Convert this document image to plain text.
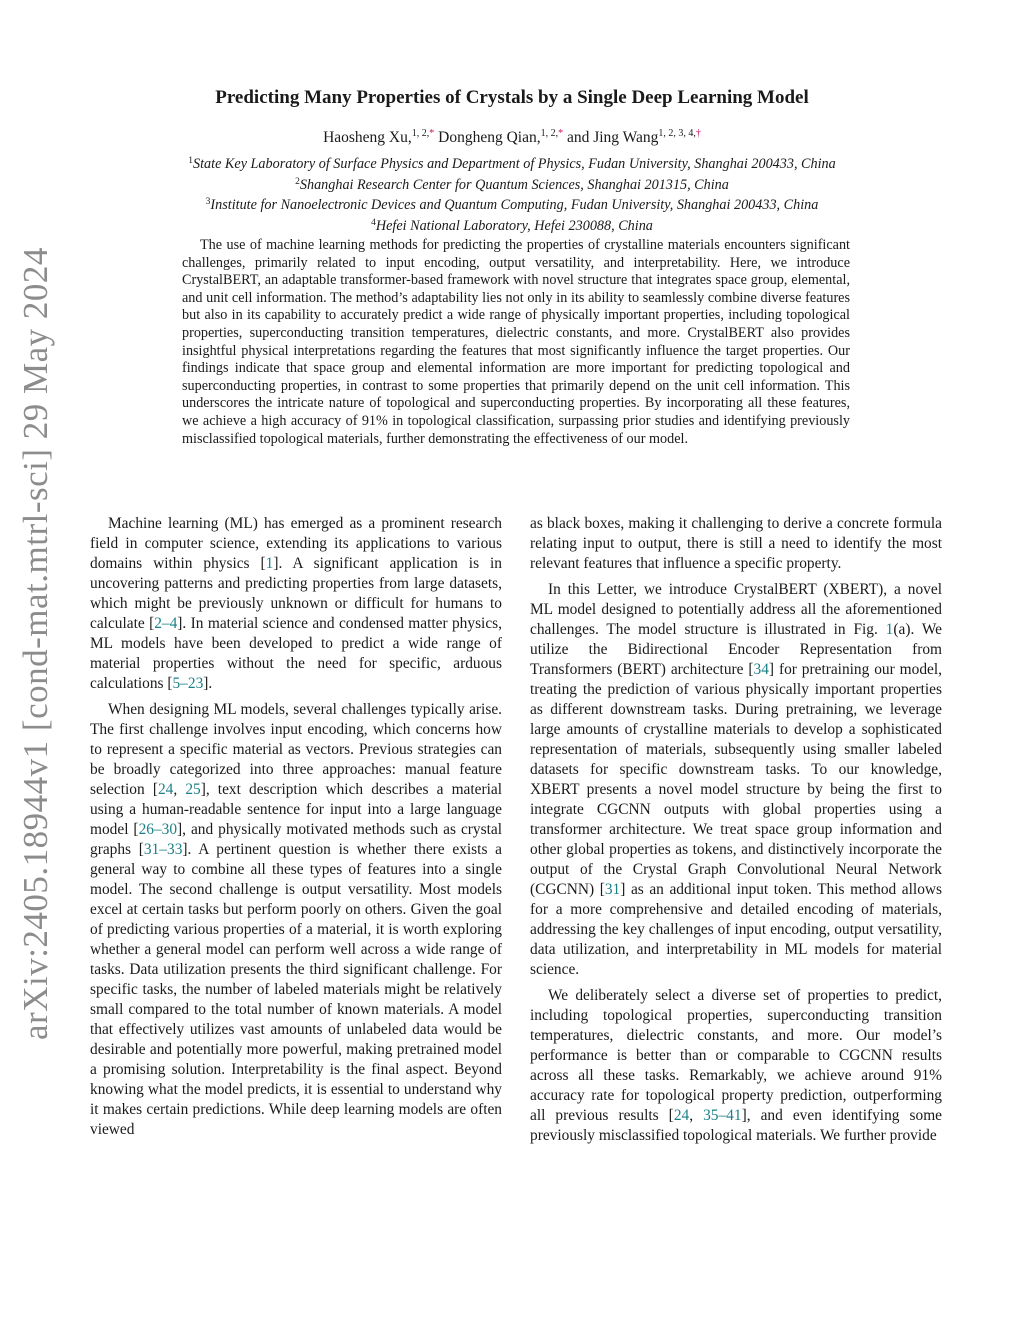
arXiv:2405.18944v1 [cond-mat.mtrl-sci] 29 May 2024
Predicting Many Properties of Crystals by a Single Deep Learning Model
Haosheng Xu,$^{1, 2,*}$ Dongheng Qian,$^{1, 2,*}$ and Jing Wang$^{1, 2, 3, 4,\dagger}$
$^1$State Key Laboratory of Surface Physics and Department of Physics, Fudan University, Shanghai 200433, China
$^2$Shanghai Research Center for Quantum Sciences, Shanghai 201315, China
$^3$Institute for Nanoelectronic Devices and Quantum Computing, Fudan University, Shanghai 200433, China
$^4$Hefei National Laboratory, Hefei 230088, China

The use of machine learning methods for predicting the properties of crystalline materials encounters significant challenges, primarily related to input encoding, output versatility, and interpretability. Here, we introduce CrystalBERT, an adaptable transformer-based framework with novel structure that integrates space group, elemental, and unit cell information. The method’s adaptability lies not only in its ability to seamlessly combine diverse features but also in its capability to accurately predict a wide range of physically important properties, including topological properties, superconducting transition temperatures, dielectric constants, and more. CrystalBERT also provides insightful physical interpretations regarding the features that most significantly influence the target properties. Our findings indicate that space group and elemental information are more important for predicting topological and superconducting properties, in contrast to some properties that primarily depend on the unit cell information. This underscores the intricate nature of topological and superconducting properties. By incorporating all these features, we achieve a high accuracy of 91% in topological classification, surpassing prior studies and identifying previously misclassified topological materials, further demonstrating the effectiveness of our model.

Machine learning (ML) has emerged as a prominent research field in computer science, extending its applications to various domains within physics [1]. A significant application is in uncovering patterns and predicting properties from large datasets, which might be previously unknown or difficult for humans to calculate [2–4]. In material science and condensed matter physics, ML models have been developed to predict a wide range of material properties without the need for specific, arduous calculations [5–23].

When designing ML models, several challenges typically arise. The first challenge involves input encoding, which concerns how to represent a specific material as vectors. Previous strategies can be broadly categorized into three approaches: manual feature selection [24, 25], text description which describes a material using a human-readable sentence for input into a large language model [26–30], and physically motivated methods such as crystal graphs [31–33]. A pertinent question is whether there exists a general way to combine all these types of features into a single model. The second challenge is output versatility. Most models excel at certain tasks but perform poorly on others. Given the goal of predicting various properties of a material, it is worth exploring whether a general model can perform well across a wide range of tasks. Data utilization presents the third significant challenge. For specific tasks, the number of labeled materials might be relatively small compared to the total number of known materials. A model that effectively utilizes vast amounts of unlabeled data would be desirable and potentially more powerful, making pretrained model a promising solution. Interpretability is the final aspect. Beyond knowing what the model predicts, it is essential to understand why it makes certain predictions. While deep learning models are often viewed

as black boxes, making it challenging to derive a concrete formula relating input to output, there is still a need to identify the most relevant features that influence a specific property.

In this Letter, we introduce CrystalBERT (XBERT), a novel ML model designed to potentially address all the aforementioned challenges. The model structure is illustrated in Fig. 1(a). We utilize the Bidirectional Encoder Representation from Transformers (BERT) architecture [34] for pretraining our model, treating the prediction of various physically important properties as different downstream tasks. During pretraining, we leverage large amounts of crystalline materials to develop a sophisticated representation of materials, subsequently using smaller labeled datasets for specific downstream tasks. To our knowledge, XBERT presents a novel model structure by being the first to integrate CGCNN outputs with global properties using a transformer architecture. We treat space group information and other global properties as tokens, and distinctively incorporate the output of the Crystal Graph Convolutional Neural Network (CGCNN) [31] as an additional input token. This method allows for a more comprehensive and detailed encoding of materials, addressing the key challenges of input encoding, output versatility, data utilization, and interpretability in ML models for material science.

We deliberately select a diverse set of properties to predict, including topological properties, superconducting transition temperatures, dielectric constants, and more. Our model’s performance is better than or comparable to CGCNN results across all these tasks. Remarkably, we achieve around 91% accuracy rate for topological property prediction, outperforming all previous results [24, 35–41], and even identifying some previously misclassified topological materials. We further provide
